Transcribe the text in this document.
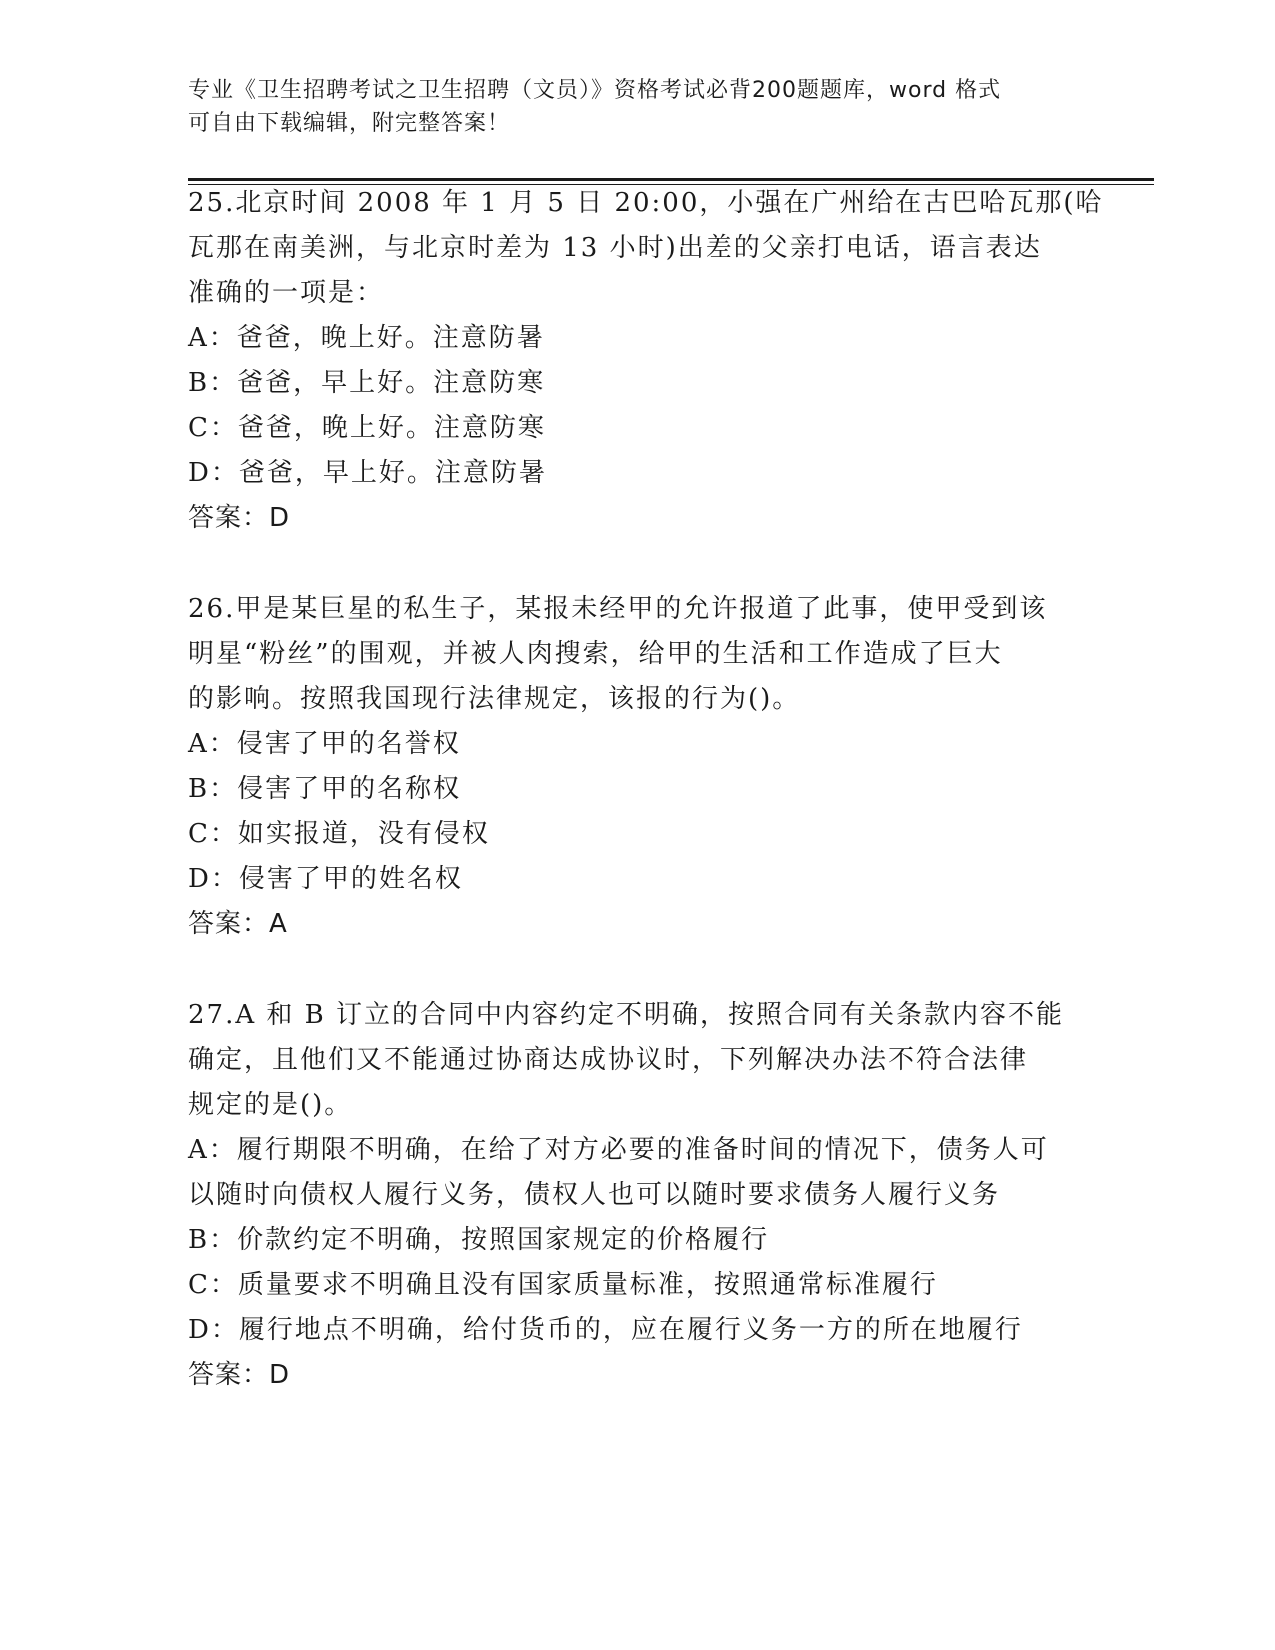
专业《卫生招聘考试之卫生招聘（文员）》资格考试必背200题题库，word 格式
可自由下载编辑，附完整答案！
25.北京时间 2008 年 1 月 5 日 20:00，小强在广州给在古巴哈瓦那(哈
瓦那在南美洲，与北京时差为 13 小时)出差的父亲打电话，语言表达
准确的一项是：
A：爸爸，晚上好。注意防暑
B：爸爸，早上好。注意防寒
C：爸爸，晚上好。注意防寒
D：爸爸，早上好。注意防暑
答案：D
26.甲是某巨星的私生子，某报未经甲的允许报道了此事，使甲受到该
明星“粉丝”的围观，并被人肉搜索，给甲的生活和工作造成了巨大
的影响。按照我国现行法律规定，该报的行为()。
A：侵害了甲的名誉权
B：侵害了甲的名称权
C：如实报道，没有侵权
D：侵害了甲的姓名权
答案：A
27.A 和 B 订立的合同中内容约定不明确，按照合同有关条款内容不能
确定，且他们又不能通过协商达成协议时，下列解决办法不符合法律
规定的是()。
A：履行期限不明确，在给了对方必要的准备时间的情况下，债务人可
以随时向债权人履行义务，债权人也可以随时要求债务人履行义务
B：价款约定不明确，按照国家规定的价格履行
C：质量要求不明确且没有国家质量标准，按照通常标准履行
D：履行地点不明确，给付货币的，应在履行义务一方的所在地履行
答案：D
